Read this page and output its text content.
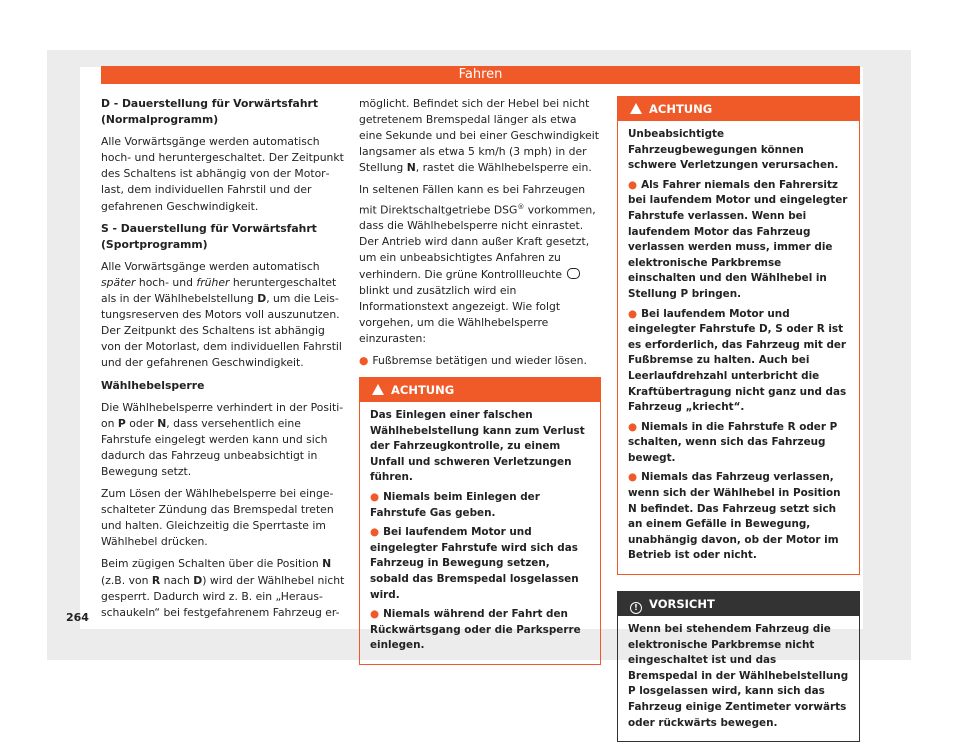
Fahren

D - Dauerstellung für Vorwärtsfahrt (Normalprogramm)

Alle Vorwärtsgänge werden automatisch hoch- und heruntergeschaltet. Der Zeitpunkt des Schaltens ist abhängig von der Motorlast, dem individuellen Fahrstil und der gefahrenen Geschwindigkeit.

S - Dauerstellung für Vorwärtsfahrt (Sportprogramm)

Alle Vorwärtsgänge werden automatisch später hoch- und früher heruntergeschaltet als in der Wählhebelstellung D, um die Leistungsreserven des Motors voll auszunutzen. Der Zeitpunkt des Schaltens ist abhängig von der Motorlast, dem individuellen Fahrstil und der gefahrenen Geschwindigkeit.

Wählhebelsperre

Die Wählhebelsperre verhindert in der Position P oder N, dass versehentlich eine Fahrstufe eingelegt werden kann und sich dadurch das Fahrzeug unbeabsichtigt in Bewegung setzt.

Zum Lösen der Wählhebelsperre bei eingeschalteter Zündung das Bremspedal treten und halten. Gleichzeitig die Sperrtaste im Wählhebel drücken.

Beim zügigen Schalten über die Position N (z.B. von R nach D) wird der Wählhebel nicht gesperrt. Dadurch wird z. B. ein „Herausschaukeln“ bei festgefahrenem Fahrzeug er-

möglicht. Befindet sich der Hebel bei nicht getretenem Bremspedal länger als etwa eine Sekunde und bei einer Geschwindigkeit langsamer als etwa 5 km/h (3 mph) in der Stellung N, rastet die Wählhebelsperre ein.

In seltenen Fällen kann es bei Fahrzeugen mit Direktschaltgetriebe DSG® vorkommen, dass die Wählhebelsperre nicht einrastet. Der Antrieb wird dann außer Kraft gesetzt, um ein unbeabsichtigtes Anfahren zu verhindern. Die grüne Kontrollleuchte  blinkt und zusätzlich wird ein Informationstext angezeigt. Wie folgt vorgehen, um die Wählhebelsperre einzurasten:

● Fußbremse betätigen und wieder lösen.

ACHTUNG

Das Einlegen einer falschen Wählhebelstellung kann zum Verlust der Fahrzeugkontrolle, zu einem Unfall und schweren Verletzungen führen.

● Niemals beim Einlegen der Fahrstufe Gas geben.

● Bei laufendem Motor und eingelegter Fahrstufe wird sich das Fahrzeug in Bewegung setzen, sobald das Bremspedal losgelassen wird.

● Niemals während der Fahrt den Rückwärtsgang oder die Parksperre einlegen.

ACHTUNG

Unbeabsichtigte Fahrzeugbewegungen können schwere Verletzungen verursachen.

● Als Fahrer niemals den Fahrersitz bei laufendem Motor und eingelegter Fahrstufe verlassen. Wenn bei laufendem Motor das Fahrzeug verlassen werden muss, immer die elektronische Parkbremse einschalten und den Wählhebel in Stellung P bringen.

● Bei laufendem Motor und eingelegter Fahrstufe D, S oder R ist es erforderlich, das Fahrzeug mit der Fußbremse zu halten. Auch bei Leerlaufdrehzahl unterbricht die Kraftübertragung nicht ganz und das Fahrzeug „kriecht“.

● Niemals in die Fahrstufe R oder P schalten, wenn sich das Fahrzeug bewegt.

● Niemals das Fahrzeug verlassen, wenn sich der Wählhebel in Position N befindet. Das Fahrzeug setzt sich an einem Gefälle in Bewegung, unabhängig davon, ob der Motor im Betrieb ist oder nicht.

! VORSICHT

Wenn bei stehendem Fahrzeug die elektronische Parkbremse nicht eingeschaltet ist und das Bremspedal in der Wählhebelstellung P losgelassen wird, kann sich das Fahrzeug einige Zentimeter vorwärts oder rückwärts bewegen.

264
